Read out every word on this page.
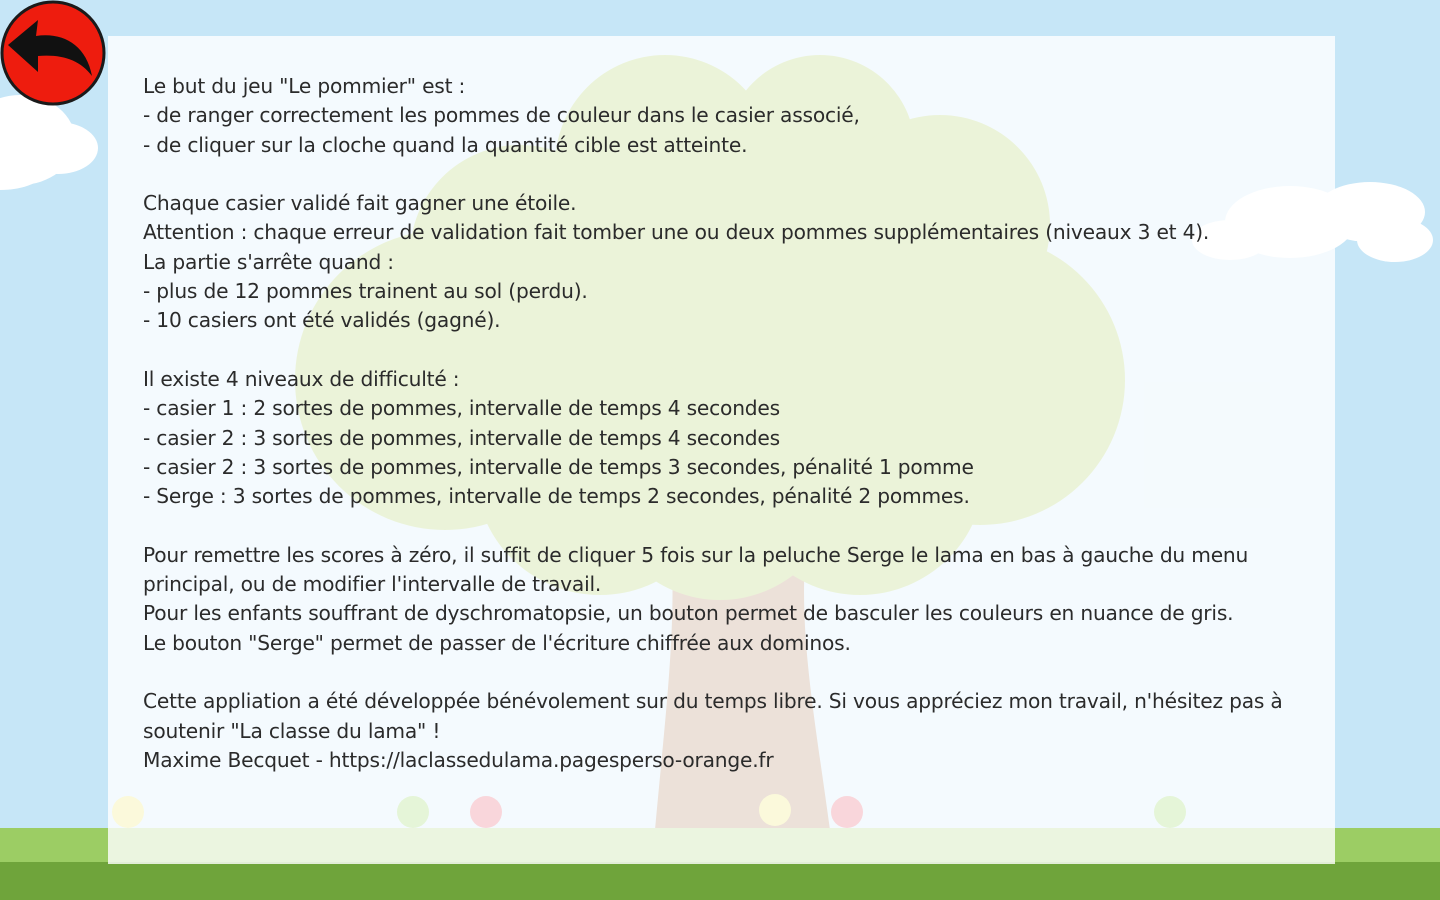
Le but du jeu "Le pommier" est :
- de ranger correctement les pommes de couleur dans le casier associé,
- de cliquer sur la cloche quand la quantité cible est atteinte.

Chaque casier validé fait gagner une étoile.
Attention : chaque erreur de validation fait tomber une ou deux pommes supplémentaires (niveaux 3 et 4).
La partie s'arrête quand :
- plus de 12 pommes trainent au sol (perdu).
- 10 casiers ont été validés (gagné).

Il existe 4 niveaux de difficulté :
- casier 1 : 2 sortes de pommes, intervalle de temps 4 secondes
- casier 2 : 3 sortes de pommes, intervalle de temps 4 secondes
- casier 2 : 3 sortes de pommes, intervalle de temps 3 secondes, pénalité 1 pomme
- Serge : 3 sortes de pommes, intervalle de temps 2 secondes, pénalité 2 pommes.

Pour remettre les scores à zéro, il suffit de cliquer 5 fois sur la peluche Serge le lama en bas à gauche du menu principal, ou de modifier l'intervalle de travail.
Pour les enfants souffrant de dyschromatopsie, un bouton permet de basculer les couleurs en nuance de gris.
Le bouton "Serge" permet de passer de l'écriture chiffrée aux dominos.

Cette appliation a été développée bénévolement sur du temps libre. Si vous appréciez mon travail, n'hésitez pas à soutenir "La classe du lama" !
Maxime Becquet - https://laclassedulama.pagesperso-orange.fr
